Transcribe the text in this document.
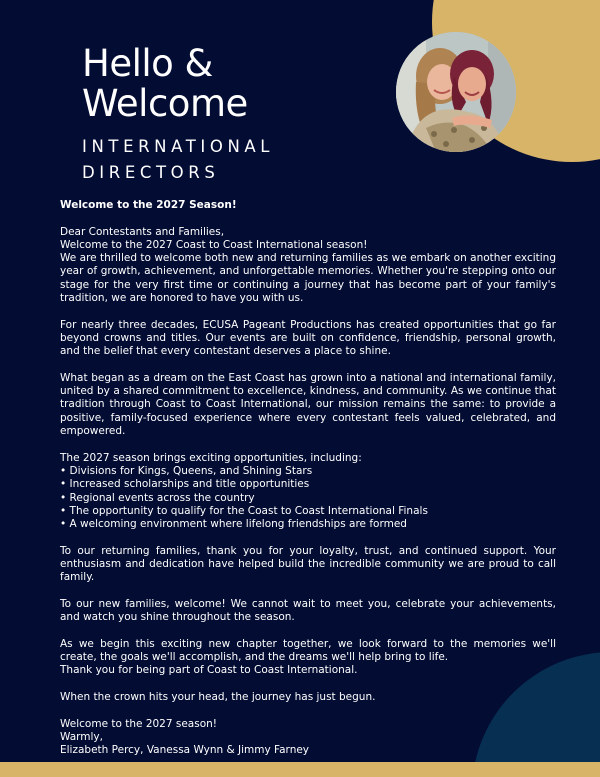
Hello &
Welcome
INTERNATIONAL
DIRECTORS

Welcome to the 2027 Season!

Dear Contestants and Families,

Welcome to the 2027 Coast to Coast International season!

We are thrilled to welcome both new and returning families as we embark on another exciting year of growth, achievement, and unforgettable memories. Whether you're stepping onto our stage for the very first time or continuing a journey that has become part of your family's tradition, we are honored to have you with us.

For nearly three decades, ECUSA Pageant Productions has created opportunities that go far beyond crowns and titles. Our events are built on confidence, friendship, personal growth, and the belief that every contestant deserves a place to shine.

What began as a dream on the East Coast has grown into a national and international family, united by a shared commitment to excellence, kindness, and community. As we continue that tradition through Coast to Coast International, our mission remains the same: to provide a positive, family-focused experience where every contestant feels valued, celebrated, and empowered.

The 2027 season brings exciting opportunities, including:

• Divisions for Kings, Queens, and Shining Stars
• Increased scholarships and title opportunities
• Regional events across the country
• The opportunity to qualify for the Coast to Coast International Finals
• A welcoming environment where lifelong friendships are formed

To our returning families, thank you for your loyalty, trust, and continued support. Your enthusiasm and dedication have helped build the incredible community we are proud to call family.

To our new families, welcome! We cannot wait to meet you, celebrate your achievements, and watch you shine throughout the season.

As we begin this exciting new chapter together, we look forward to the memories we'll create, the goals we'll accomplish, and the dreams we'll help bring to life.

Thank you for being part of Coast to Coast International.

When the crown hits your head, the journey has just begun.

Welcome to the 2027 season!

Warmly,

Elizabeth Percy, Vanessa Wynn & Jimmy Farney
